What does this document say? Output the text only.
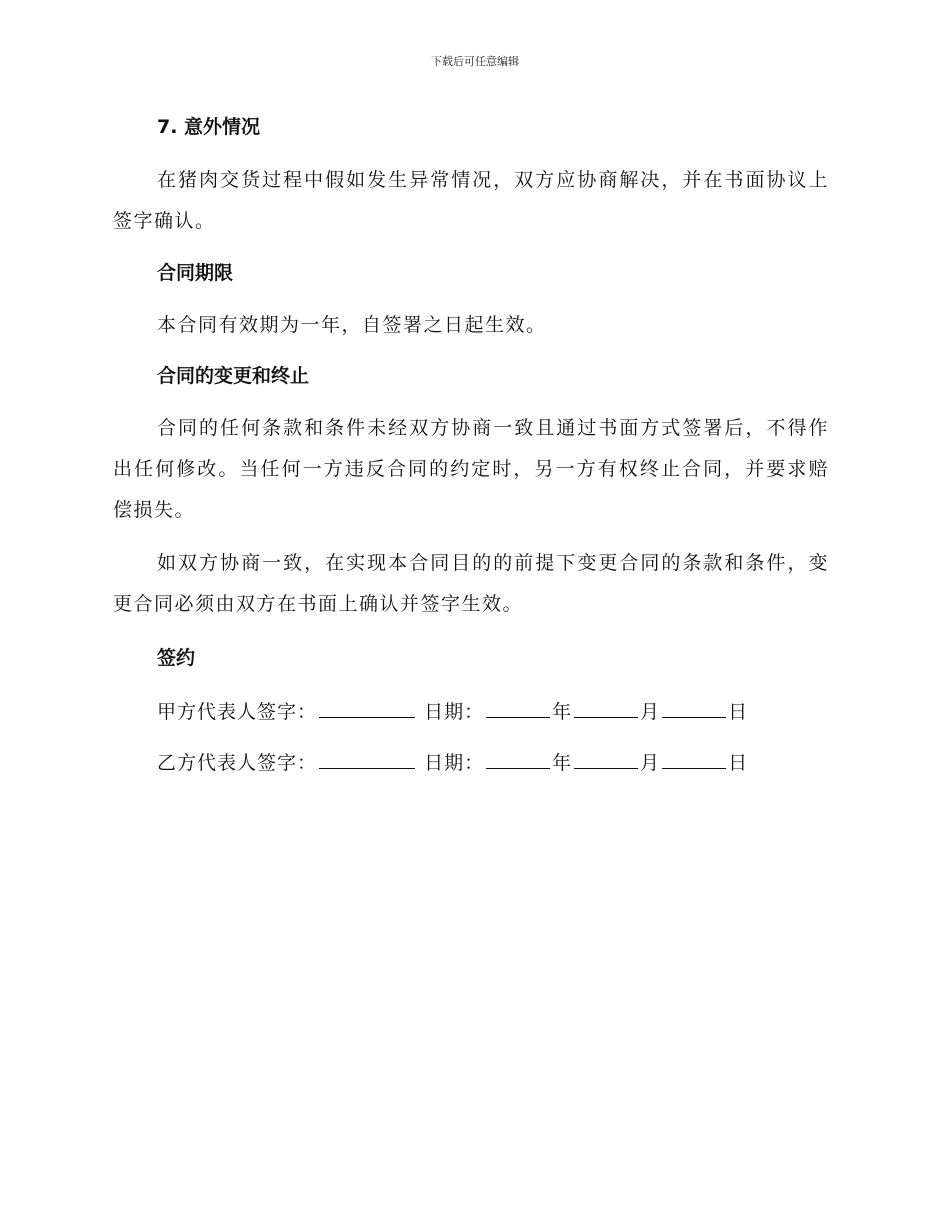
下载后可任意编辑
7. 意外情况
在猪肉交货过程中假如发生异常情况，双方应协商解决，并在书面协议上签字确认。
合同期限
本合同有效期为一年，自签署之日起生效。
合同的变更和终止
合同的任何条款和条件未经双方协商一致且通过书面方式签署后，不得作出任何修改。当任何一方违反合同的约定时，另一方有权终止合同，并要求赔偿损失。
如双方协商一致，在实现本合同目的的前提下变更合同的条款和条件，变更合同必须由双方在书面上确认并签字生效。
签约
甲方代表人签字：	日期：	年	月	日
乙方代表人签字：	日期：	年	月	日
